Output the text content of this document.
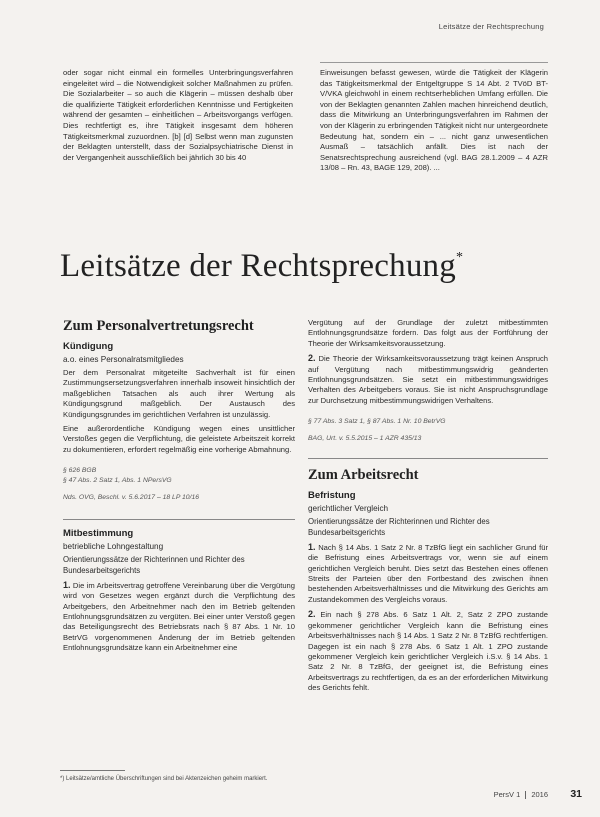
Leitsätze der Rechtsprechung
oder sogar nicht einmal ein formelles Unterbringungsverfahren eingeleitet wird – die Notwendigkeit solcher Maßnahmen zu prüfen. Die Sozialarbeiter – so auch die Klägerin – müssen deshalb über die qualifizierte Tätigkeit erforderlichen Kenntnisse und Fertigkeiten während der gesamten – einheitlichen – Arbeitsvorgangs verfügen. Dies rechtfertigt es, ihre Tätigkeit insgesamt dem höheren Tätigkeitsmerkmal zuzuordnen. [b] [d] Selbst wenn man zugunsten der Beklagten unterstellt, dass der Sozialpsychiatrische Dienst in der Vergangenheit ausschließlich bei jährlich 30 bis 40
Einweisungen befasst gewesen, würde die Tätigkeit der Klägerin das Tätigkeitsmerkmal der Entgeltgruppe S 14 Abt. 2 TVöD BT-V/VKA gleichwohl in einem rechtserheblichen Umfang erfüllen. Die von der Beklagten genannten Zahlen machen hinreichend deutlich, dass die Mitwirkung an Unterbringungsverfahren im Rahmen der von der Klägerin zu erbringenden Tätigkeit nicht nur untergeordnete Bedeutung hat, sondern ein – ... nicht ganz unwesentlichen Ausmaß – tatsächlich anfällt. Dies ist nach der Senatsrechtsprechung ausreichend (vgl. BAG 28.1.2009 – 4 AZR 13/08 – Rn. 43, BAGE 129, 208). ...
Leitsätze der Rechtsprechung*
Zum Personalvertretungsrecht
Kündigung
a.o. eines Personalratsmitgliedes

Der dem Personalrat mitgeteilte Sachverhalt ist für einen Zustimmungsersetzungsverfahren innerhalb insoweit hinsichtlich der maßgeblichen Tatsachen als auch ihrer Wertung als Kündigungsgrund maßgeblich. Der Austausch des Kündigungsgrundes im gerichtlichen Verfahren ist unzulässig.

Eine außerordentliche Kündigung wegen eines unsittlicher Verstoßes gegen die Verpflichtung, die geleistete Arbeitszeit korrekt zu dokumentieren, erfordert regelmäßig eine vorherige Abmahnung.

§ 626 BGB

§ 47 Abs. 2 Satz 1, Abs. 1 NPersVG

Nds. OVG, Beschl. v. 5.6.2017 – 18 LP 10/16

Mitbestimmung
betriebliche Lohngestaltung

Orientierungssätze der Richterinnen und Richter des Bundesarbeitsgerichts

1. Die im Arbeitsvertrag getroffene Vereinbarung über die Vergütung wird von Gesetzes wegen ergänzt durch die Verpflichtung des Arbeitgebers, den Arbeitnehmer nach den im Betrieb geltenden Entlohnungsgrundsätzen zu vergüten. Bei einer unter Verstoß gegen das Beteiligungsrecht des Betriebsrats nach § 87 Abs. 1 Nr. 10 BetrVG vorgenommenen Änderung der im Betrieb geltenden Entlohnungsgrundsätze kann ein Arbeitnehmer eine

Vergütung auf der Grundlage der zuletzt mitbestimmten Entlohnungsgrundsätze fordern. Das folgt aus der Fortführung der Theorie der Wirksamkeitsvoraussetzung.

2. Die Theorie der Wirksamkeitsvoraussetzung trägt keinen Anspruch auf Vergütung nach mitbestimmungswidrig geänderten Entlohnungsgrundsätzen. Sie setzt ein mitbestimmungswidriges Verhalten des Arbeitgebers voraus. Sie ist nicht Anspruchsgrundlage zur Durchsetzung mitbestimmungswidrigen Verhaltens.

§ 77 Abs. 3 Satz 1, § 87 Abs. 1 Nr. 10 BetrVG

BAG, Urt. v. 5.5.2015 – 1 AZR 435/13

Zum Arbeitsrecht
Befristung
gerichtlicher Vergleich

Orientierungssätze der Richterinnen und Richter des Bundesarbeitsgerichts

1. Nach § 14 Abs. 1 Satz 2 Nr. 8 TzBfG liegt ein sachlicher Grund für die Befristung eines Arbeitsvertrags vor, wenn sie auf einem gerichtlichen Vergleich beruht. Dies setzt das Bestehen eines offenen Streits der Parteien über den Fortbestand des zwischen ihnen bestehenden Arbeitsverhältnisses und die Mitwirkung des Gerichts am Zustandekommen des Vergleichs voraus.

2. Ein nach § 278 Abs. 6 Satz 1 Alt. 2, Satz 2 ZPO zustande gekommener gerichtlicher Vergleich kann die Befristung eines Arbeitsverhältnisses nach § 14 Abs. 1 Satz 2 Nr. 8 TzBfG rechtfertigen. Dagegen ist ein nach § 278 Abs. 6 Satz 1 Alt. 1 ZPO zustande gekommener Vergleich kein gerichtlicher Vergleich i.S.v. § 14 Abs. 1 Satz 2 Nr. 8 TzBfG, der geeignet ist, die Befristung eines Arbeitsvertrags zu rechtfertigen, da es an der erforderlichen Mitwirkung des Gerichts fehlt.

*) Leitsätze/amtliche Überschriftungen sind bei Aktenzeichen geheim markiert.
PersV 1 2016 31
